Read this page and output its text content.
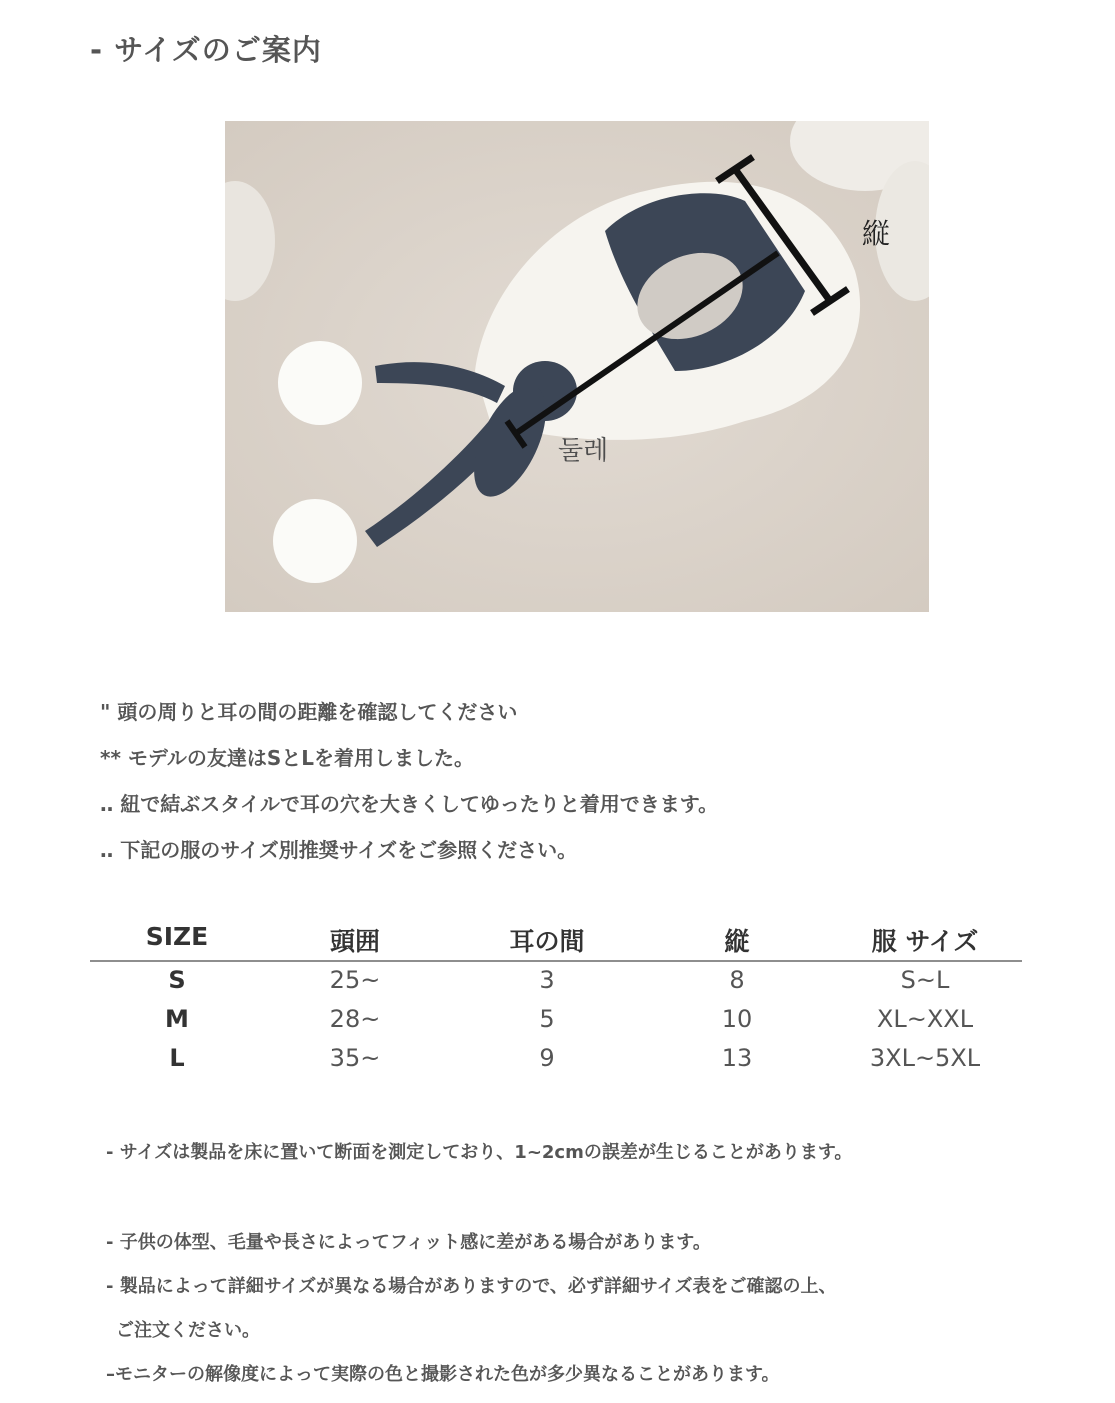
- サイズのご案内
縦
둘레

" 頭の周りと耳の間の距離を確認してください

** モデルの友達はSとLを着用しました。

‥ 紐で結ぶスタイルで耳の穴を大きくしてゆったりと着用できます。

‥ 下記の服のサイズ別推奨サイズをご参照ください。

SIZE	頭囲	耳の間	縦	服 サイズ
S	25~	3	8	S~L
M	28~	5	10	XL~XXL
L	35~	9	13	3XL~5XL

- サイズは製品を床に置いて断面を測定しており、1~2cmの誤差が生じることがあります。

- 子供の体型、毛量や長さによってフィット感に差がある場合があります。

- 製品によって詳細サイズが異なる場合がありますので、必ず詳細サイズ表をご確認の上、

ご注文ください。

–モニターの解像度によって実際の色と撮影された色が多少異なることがあります。
